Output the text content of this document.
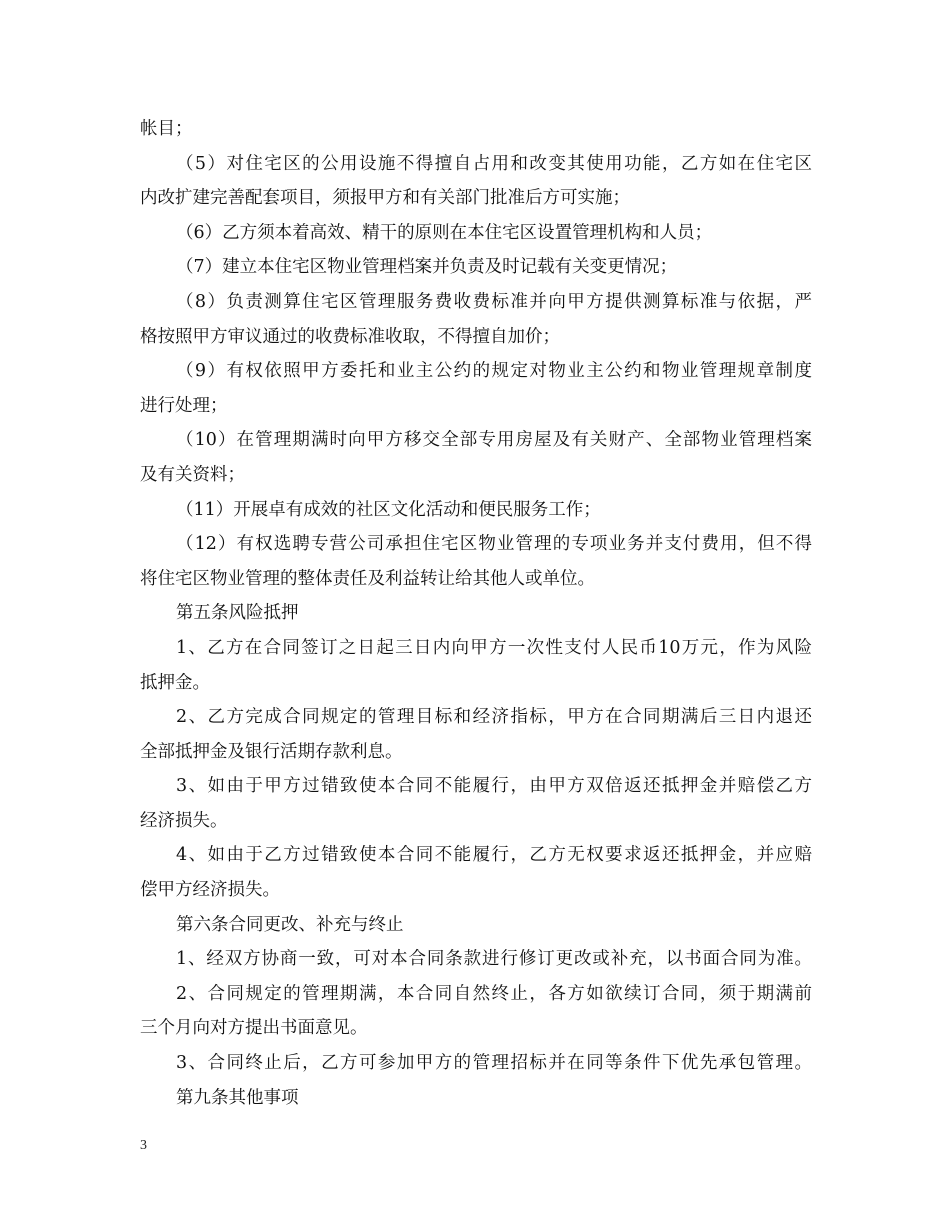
帐目；
（5）对住宅区的公用设施不得擅自占用和改变其使用功能，乙方如在住宅区
内改扩建完善配套项目，须报甲方和有关部门批准后方可实施；
（6）乙方须本着高效、精干的原则在本住宅区设置管理机构和人员；
（7）建立本住宅区物业管理档案并负责及时记载有关变更情况；
（8）负责测算住宅区管理服务费收费标准并向甲方提供测算标准与依据，严
格按照甲方审议通过的收费标准收取，不得擅自加价；
（9）有权依照甲方委托和业主公约的规定对物业主公约和物业管理规章制度
进行处理；
（10）在管理期满时向甲方移交全部专用房屋及有关财产、全部物业管理档案
及有关资料；
（11）开展卓有成效的社区文化活动和便民服务工作；
（12）有权选聘专营公司承担住宅区物业管理的专项业务并支付费用，但不得
将住宅区物业管理的整体责任及利益转让给其他人或单位。
第五条风险抵押
1、乙方在合同签订之日起三日内向甲方一次性支付人民币10万元，作为风险
抵押金。
2、乙方完成合同规定的管理目标和经济指标，甲方在合同期满后三日内退还
全部抵押金及银行活期存款利息。
3、如由于甲方过错致使本合同不能履行，由甲方双倍返还抵押金并赔偿乙方
经济损失。
4、如由于乙方过错致使本合同不能履行，乙方无权要求返还抵押金，并应赔
偿甲方经济损失。
第六条合同更改、补充与终止
1、经双方协商一致，可对本合同条款进行修订更改或补充，以书面合同为准。
2、合同规定的管理期满，本合同自然终止，各方如欲续订合同，须于期满前
三个月向对方提出书面意见。
3、合同终止后，乙方可参加甲方的管理招标并在同等条件下优先承包管理。
第九条其他事项
3
